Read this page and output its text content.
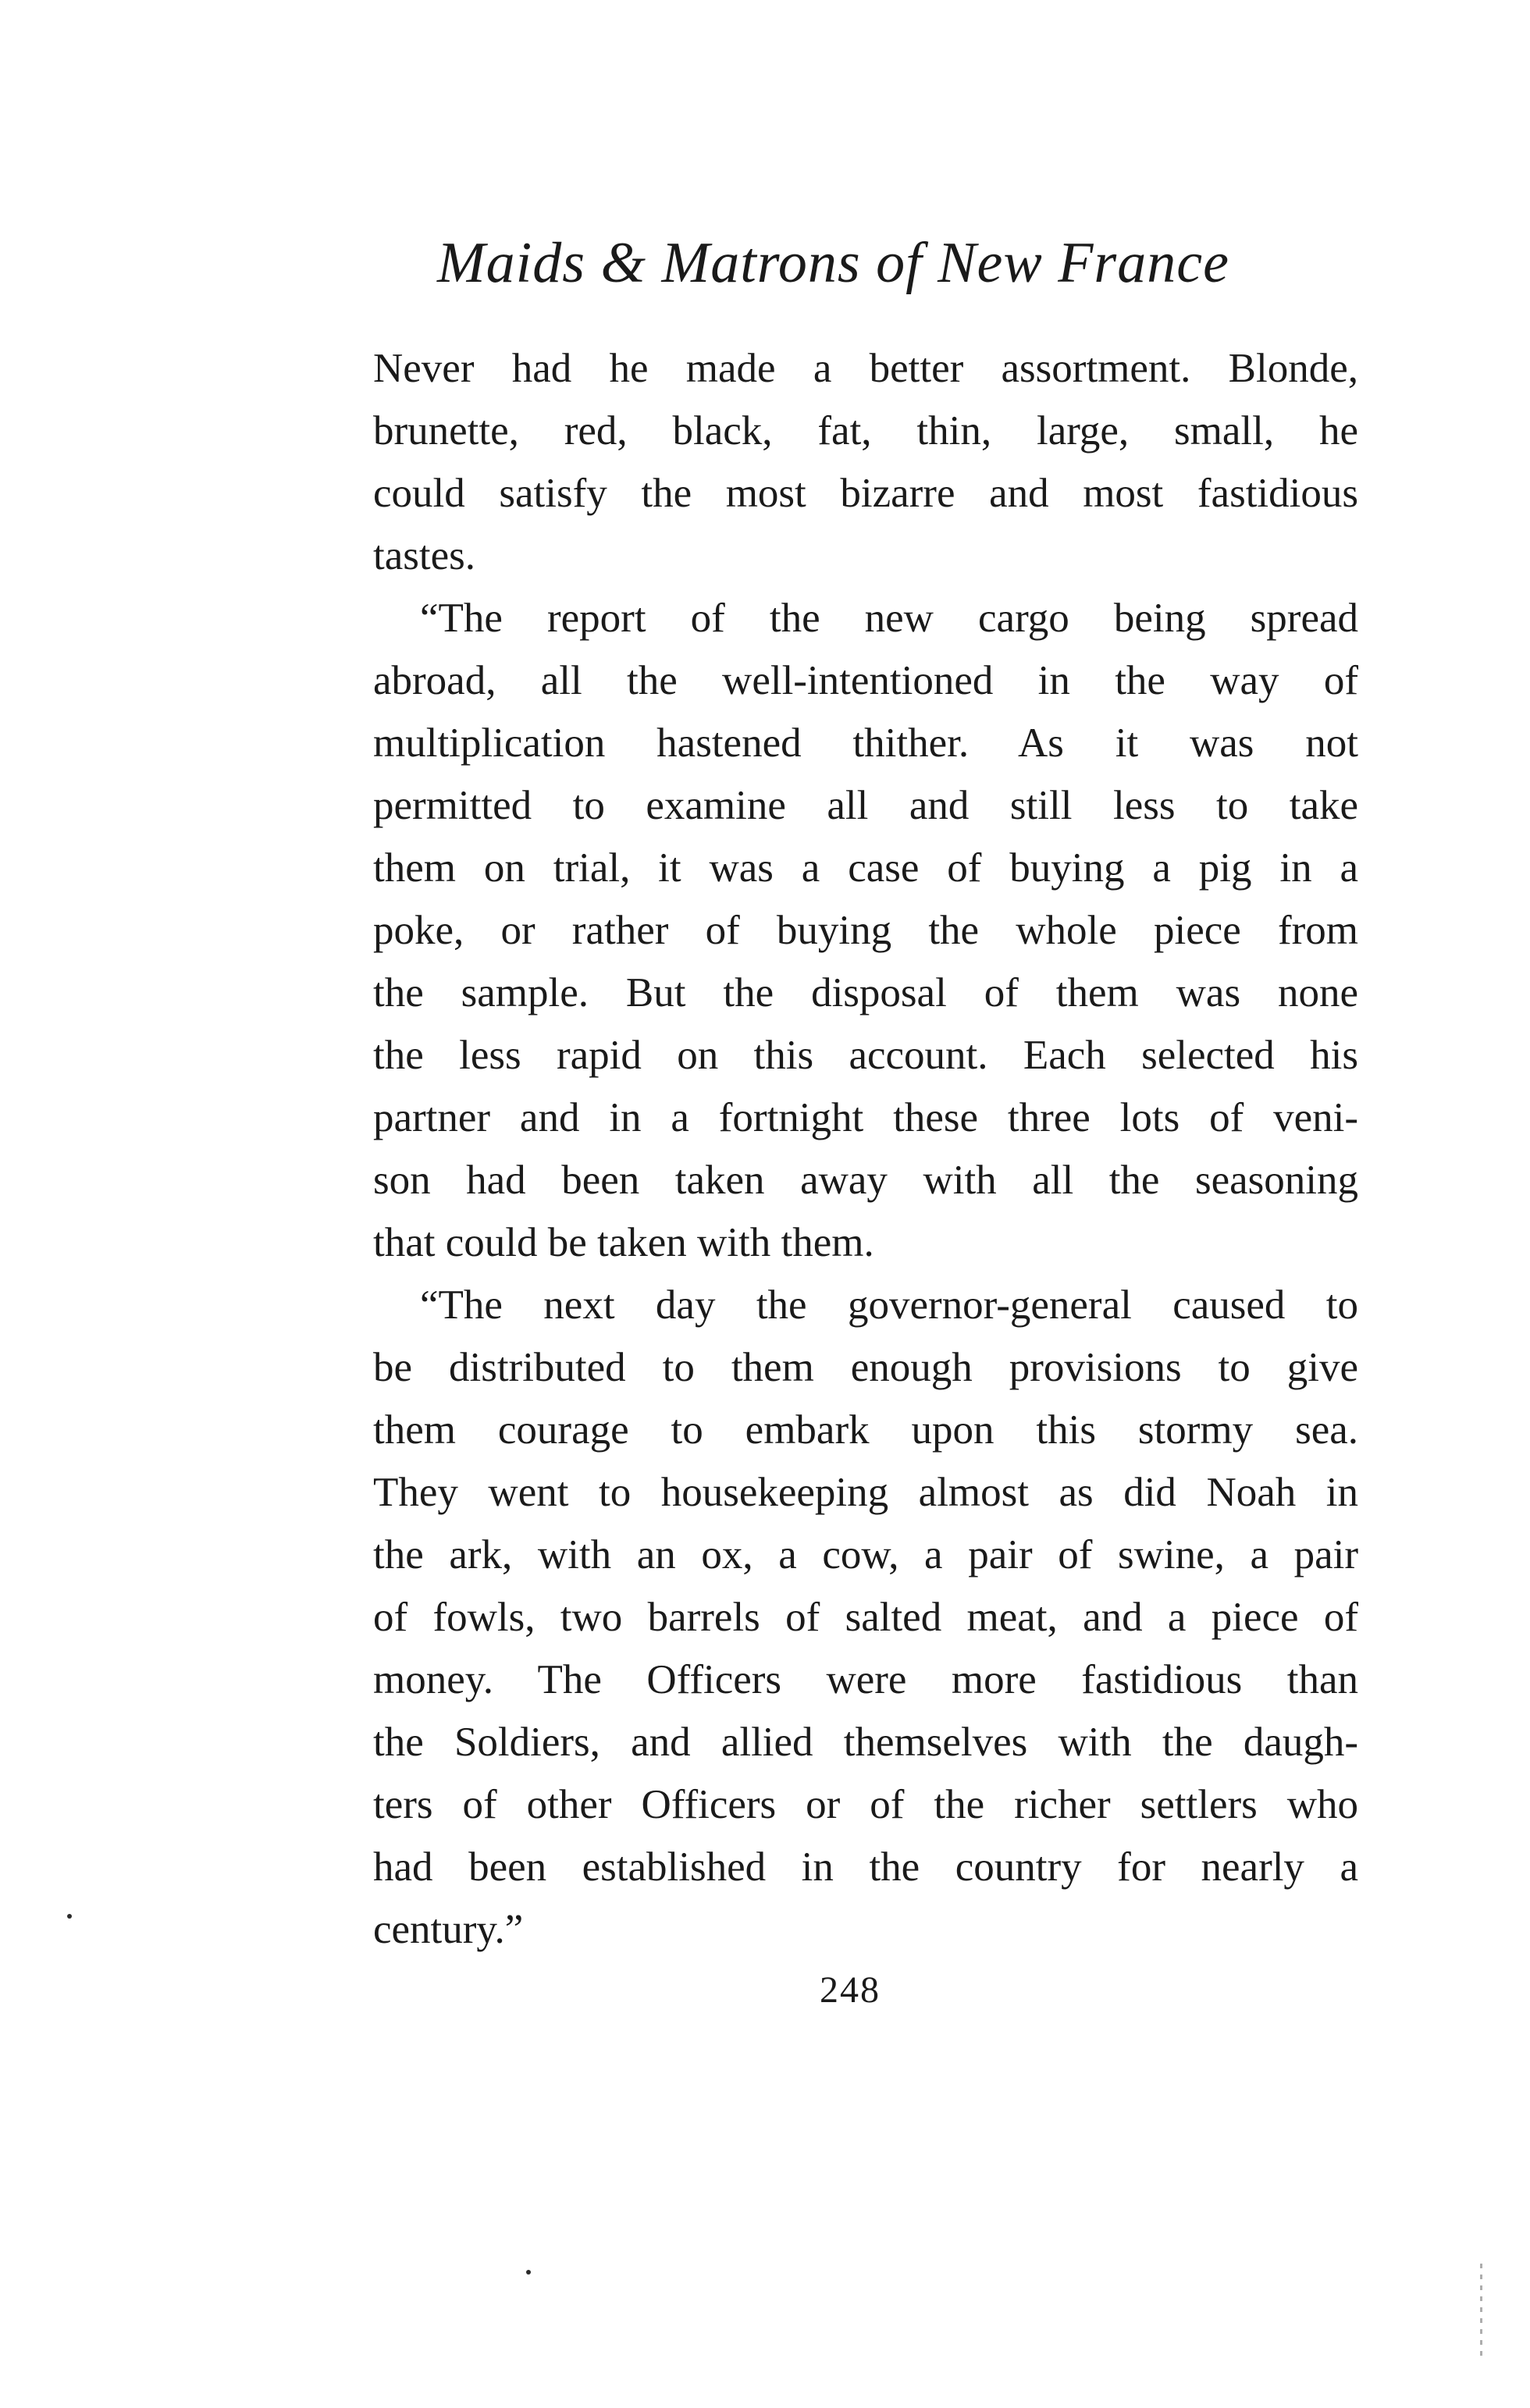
Maids & Matrons of New France
Never had he made a better assortment. Blonde,
brunette, red, black, fat, thin, large, small, he
could satisfy the most bizarre and most fastidious
tastes.
“The report of the new cargo being spread
abroad, all the well-intentioned in the way of
multiplication hastened thither. As it was not
permitted to examine all and still less to take
them on trial, it was a case of buying a pig in a
poke, or rather of buying the whole piece from
the sample. But the disposal of them was none
the less rapid on this account. Each selected his
partner and in a fortnight these three lots of veni-
son had been taken away with all the seasoning
that could be taken with them.
“The next day the governor-general caused to
be distributed to them enough provisions to give
them courage to embark upon this stormy sea.
They went to housekeeping almost as did Noah in
the ark, with an ox, a cow, a pair of swine, a pair
of fowls, two barrels of salted meat, and a piece of
money. The Officers were more fastidious than
the Soldiers, and allied themselves with the daugh-
ters of other Officers or of the richer settlers who
had been established in the country for nearly a
century.”
248
